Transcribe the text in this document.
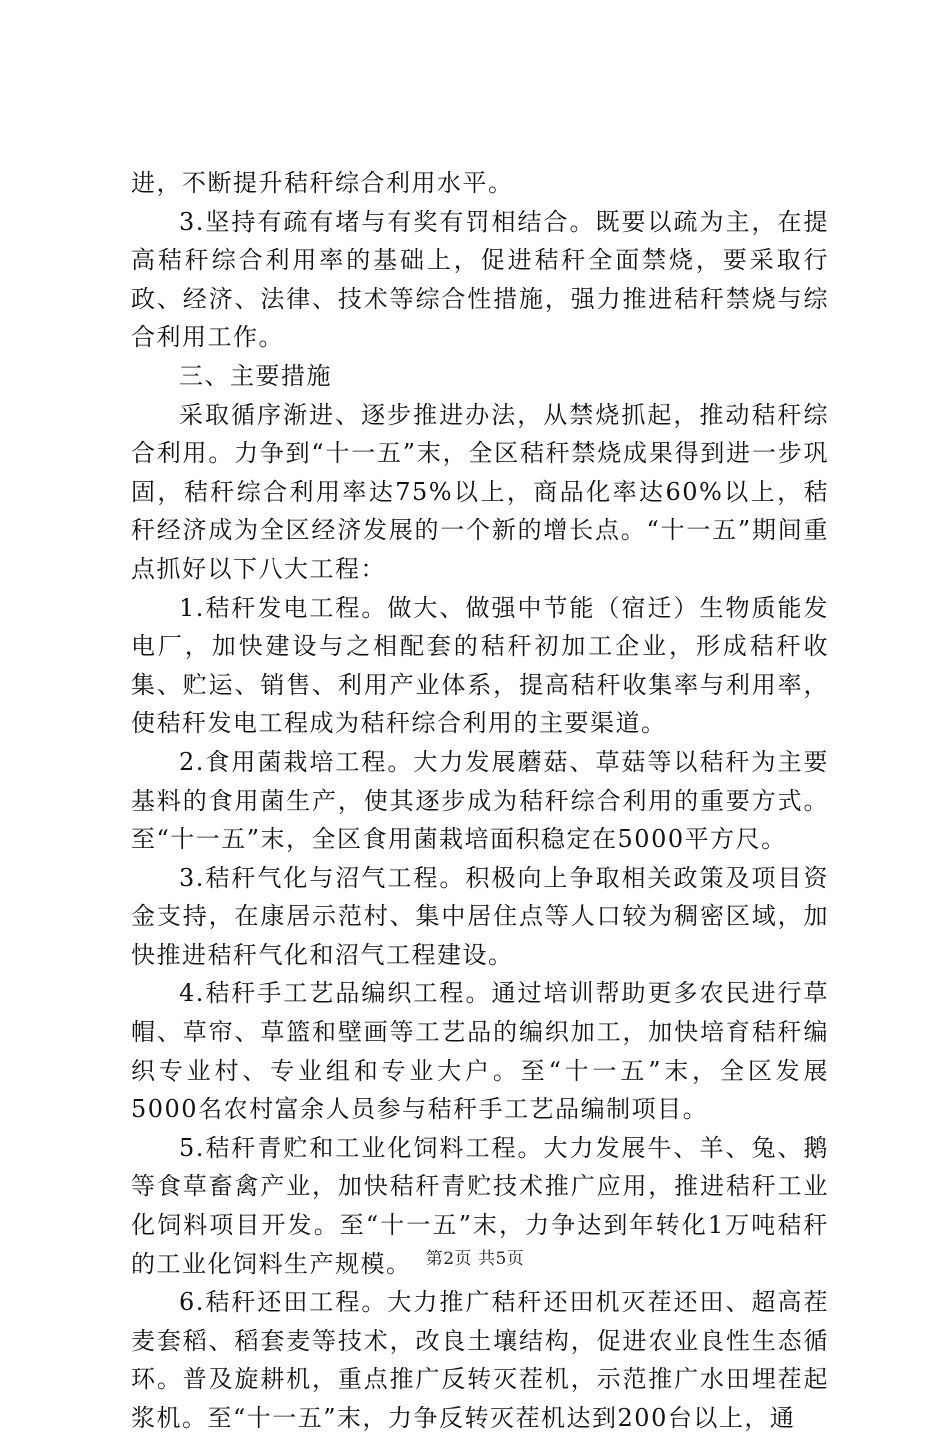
进，不断提升秸秆综合利用水平。

3.坚持有疏有堵与有奖有罚相结合。既要以疏为主，在提高秸秆综合利用率的基础上，促进秸秆全面禁烧，要采取行政、经济、法律、技术等综合性措施，强力推进秸秆禁烧与综合利用工作。

三、主要措施

采取循序渐进、逐步推进办法，从禁烧抓起，推动秸秆综合利用。力争到“十一五”末，全区秸秆禁烧成果得到进一步巩固，秸秆综合利用率达75%以上，商品化率达60%以上，秸秆经济成为全区经济发展的一个新的增长点。“十一五”期间重点抓好以下八大工程：

1.秸秆发电工程。做大、做强中节能（宿迁）生物质能发电厂，加快建设与之相配套的秸秆初加工企业，形成秸秆收集、贮运、销售、利用产业体系，提高秸秆收集率与利用率，使秸秆发电工程成为秸秆综合利用的主要渠道。

2.食用菌栽培工程。大力发展蘑菇、草菇等以秸秆为主要基料的食用菌生产，使其逐步成为秸秆综合利用的重要方式。至“十一五”末，全区食用菌栽培面积稳定在5000平方尺。

3.秸秆气化与沼气工程。积极向上争取相关政策及项目资金支持，在康居示范村、集中居住点等人口较为稠密区域，加快推进秸秆气化和沼气工程建设。

4.秸秆手工艺品编织工程。通过培训帮助更多农民进行草帽、草帘、草篮和壁画等工艺品的编织加工，加快培育秸秆编织专业村、专业组和专业大户。至“十一五”末，全区发展5000名农村富余人员参与秸秆手工艺品编制项目。

5.秸秆青贮和工业化饲料工程。大力发展牛、羊、兔、鹅等食草畜禽产业，加快秸秆青贮技术推广应用，推进秸秆工业化饲料项目开发。至“十一五”末，力争达到年转化1万吨秸秆的工业化饲料生产规模。

6.秸秆还田工程。大力推广秸秆还田机灭茬还田、超高茬麦套稻、稻套麦等技术，改良土壤结构，促进农业良性生态循环。普及旋耕机，重点推广反转灭茬机，示范推广水田埋茬起浆机。至“十一五”末，力争反转灭茬机达到200台以上，通

第2页 共5页
